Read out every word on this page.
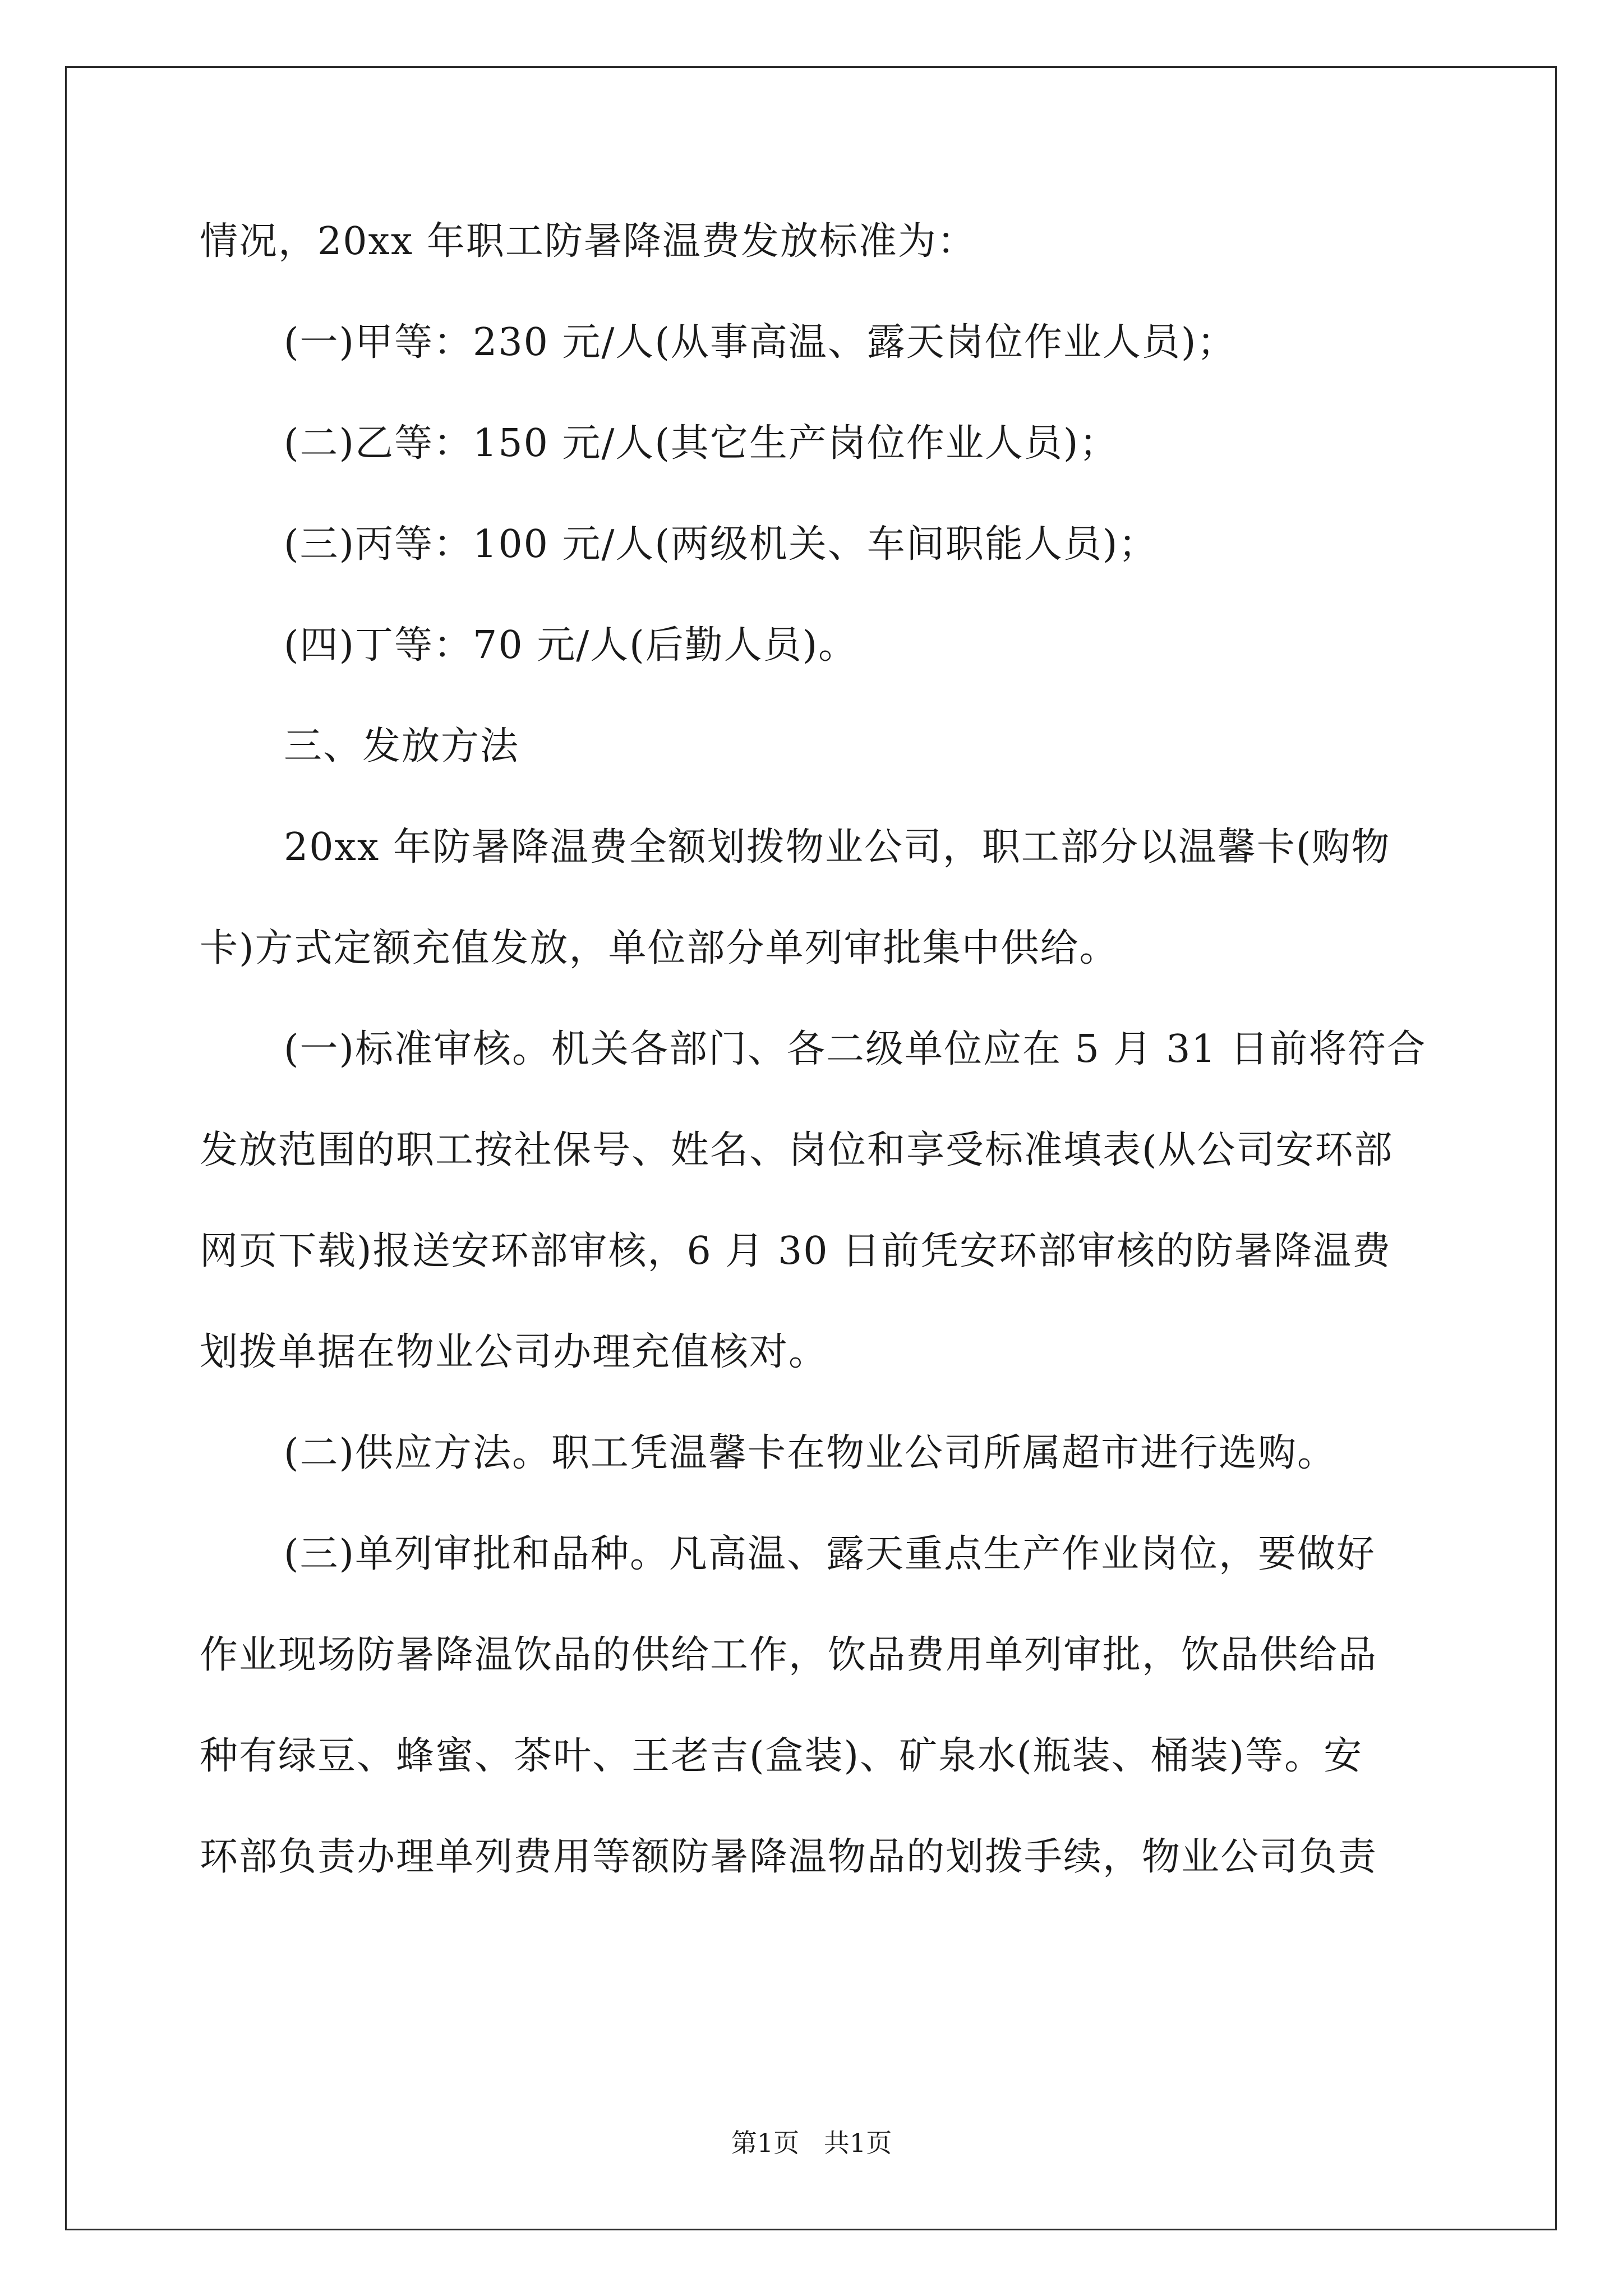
情况，20xx 年职工防暑降温费发放标准为：
(一)甲等：230 元/人(从事高温、露天岗位作业人员)；
(二)乙等：150 元/人(其它生产岗位作业人员)；
(三)丙等：100 元/人(两级机关、车间职能人员)；
(四)丁等：70 元/人(后勤人员)。
三、发放方法
20xx 年防暑降温费全额划拨物业公司，职工部分以温馨卡(购物
卡)方式定额充值发放，单位部分单列审批集中供给。
(一)标准审核。机关各部门、各二级单位应在 5 月 31 日前将符合
发放范围的职工按社保号、姓名、岗位和享受标准填表(从公司安环部
网页下载)报送安环部审核，6 月 30 日前凭安环部审核的防暑降温费
划拨单据在物业公司办理充值核对。
(二)供应方法。职工凭温馨卡在物业公司所属超市进行选购。
(三)单列审批和品种。凡高温、露天重点生产作业岗位，要做好
作业现场防暑降温饮品的供给工作，饮品费用单列审批，饮品供给品
种有绿豆、蜂蜜、茶叶、王老吉(盒装)、矿泉水(瓶装、桶装)等。安
环部负责办理单列费用等额防暑降温物品的划拨手续，物业公司负责
第1页   共1页
